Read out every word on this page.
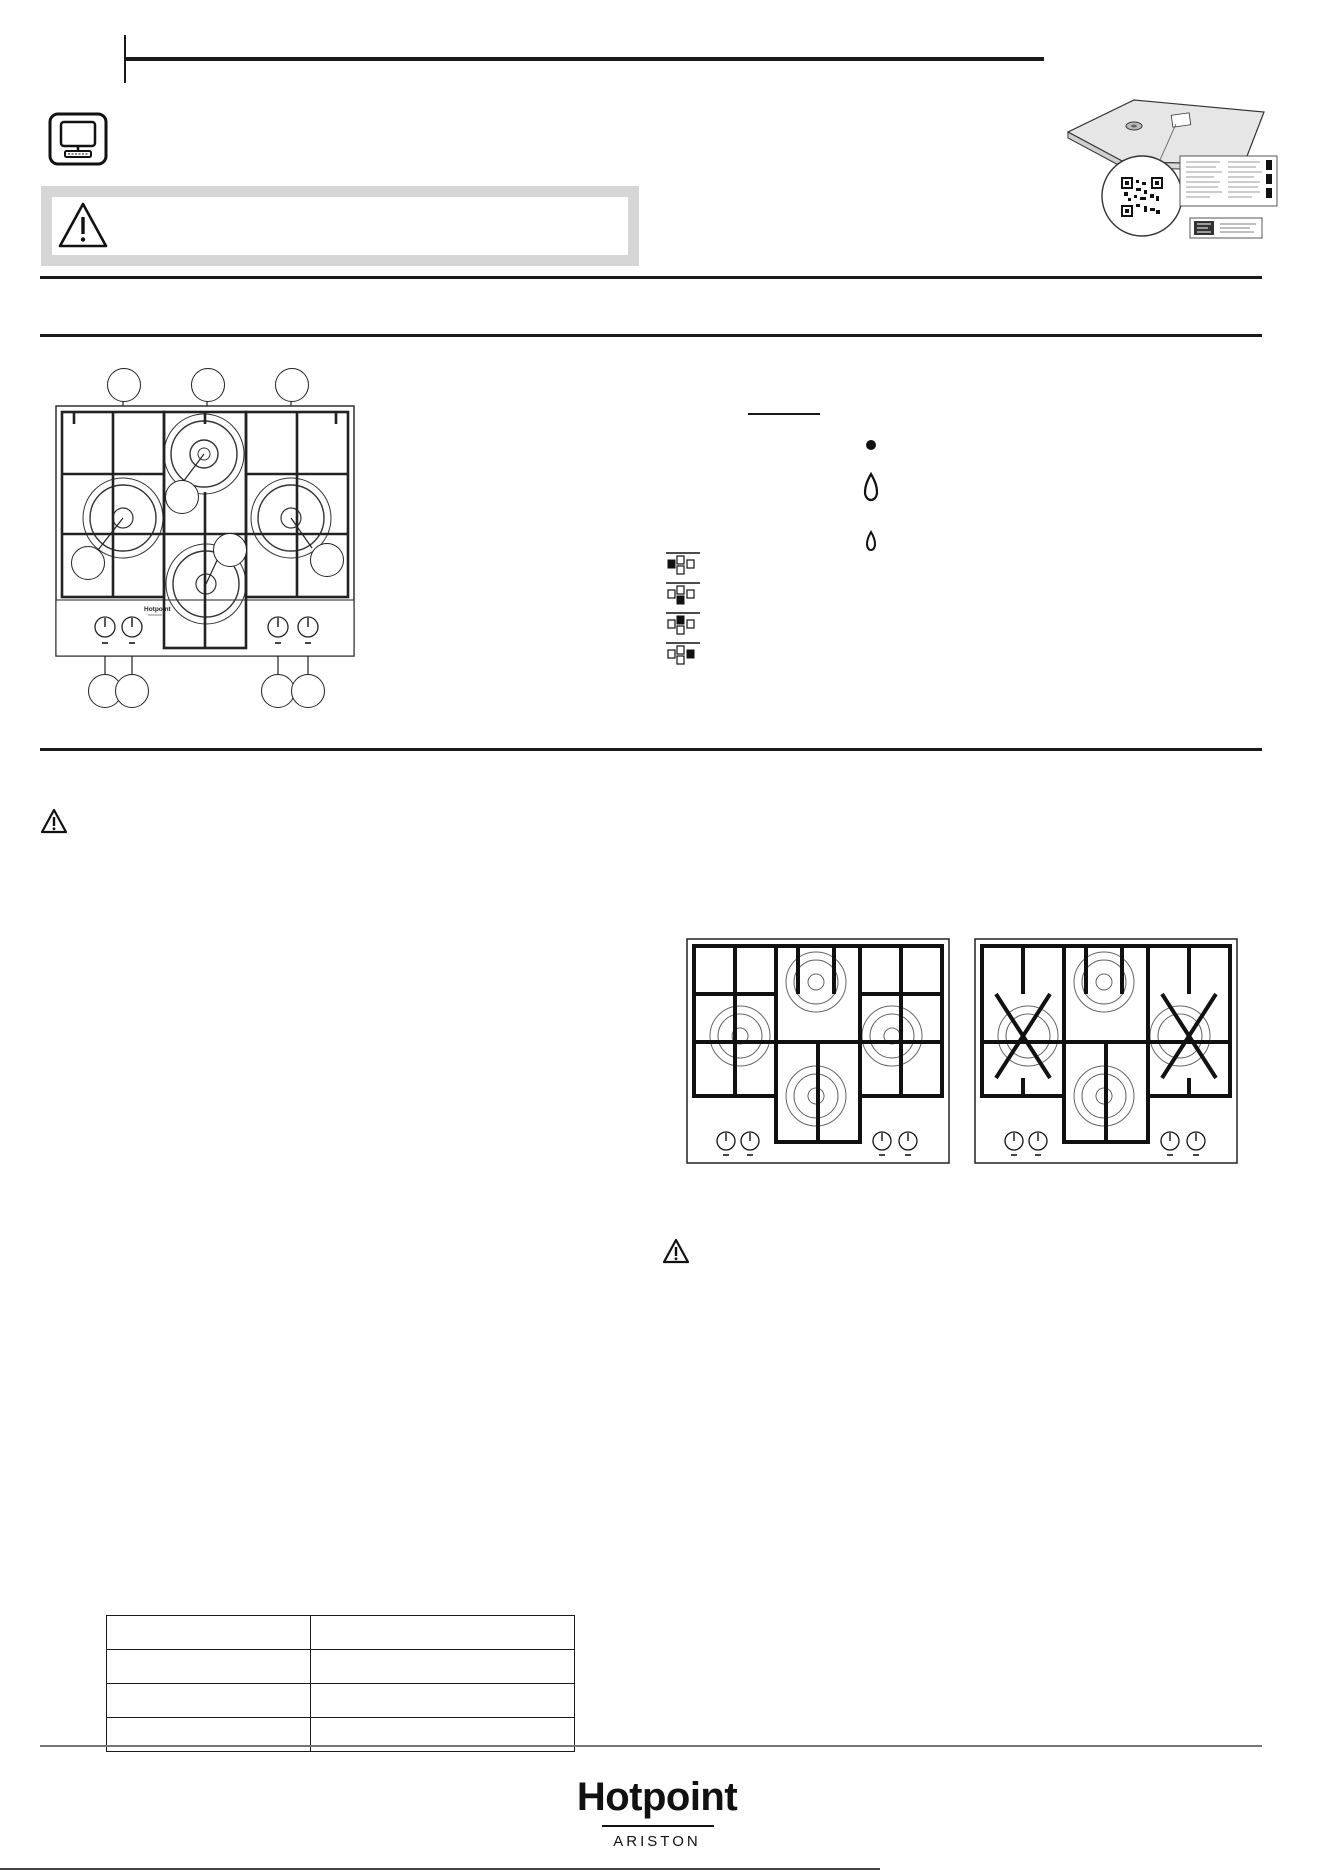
Hotpoint

Hotpoint
ARISTON
